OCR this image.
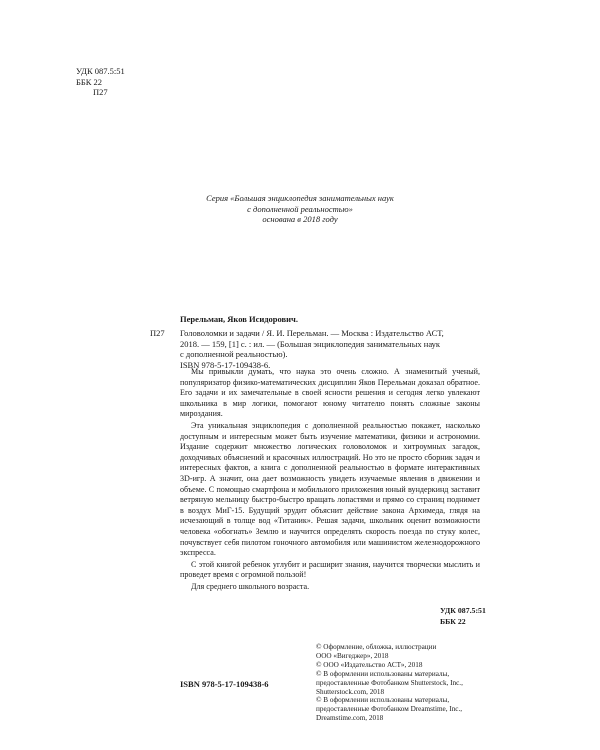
УДК 087.5:51
ББК 22
П27
Серия «Большая энциклопедия занимательных наук
с дополненной реальностью»
основана в 2018 году
Перельман, Яков Исидорович.
П27 Головоломки и задачи / Я. И. Перельман. — Москва : Издательство АСТ,
2018. — 159, [1] с. : ил. — (Большая энциклопедия занимательных наук
с дополненной реальностью).
ISBN 978-5-17-109438-6.

Мы привыкли думать, что наука это очень сложно. А знаменитый ученый, популяризатор физико-математических дисциплин Яков Перельман доказал обратное. Его задачи и их замечательные в своей ясности решения и сегодня легко увлекают школьника в мир логики, помогают юному читателю понять сложные законы мироздания.

Эта уникальная энциклопедия с дополненной реальностью покажет, насколько доступным и интересным может быть изучение математики, физики и астрономии. Издание содержит множество логических головоломок и хитроумных загадок, доходчивых объяснений и красочных иллюстраций. Но это не просто сборник задач и интересных фактов, а книга с дополненной реальностью в формате интерактивных 3D-игр. А значит, она дает возможность увидеть изучаемые явления в движении и объеме. С помощью смартфона и мобильного приложения юный вундеркинд заставит ветряную мельницу быстро-быстро вращать лопастями и прямо со страниц поднимет в воздух МиГ-15. Будущий эрудит объяснит действие закона Архимеда, глядя на исчезающий в толще вод «Титаник». Решая задачи, школьник оценит возможности человека «обогнать» Землю и научится определять скорость поезда по стуку колес, почувствует себя пилотом гоночного автомобиля или машинистом железнодорожного экспресса.

С этой книгой ребенок углубит и расширит знания, научится творчески мыслить и проведет время с огромной пользой!

Для среднего школьного возраста.

УДК 087.5:51
ББК 22
© Оформление, обложка, иллюстрации
ООО «Вигеджер», 2018
© ООО «Издательство АСТ», 2018
© В оформлении использованы материалы,
предоставленные Фотобанком Shutterstock, Inc.,
Shutterstock.com, 2018
© В оформлении использованы материалы,
предоставленные Фотобанком Dreamstime, Inc.,
Dreamstime.com, 2018
ISBN 978-5-17-109438-6
